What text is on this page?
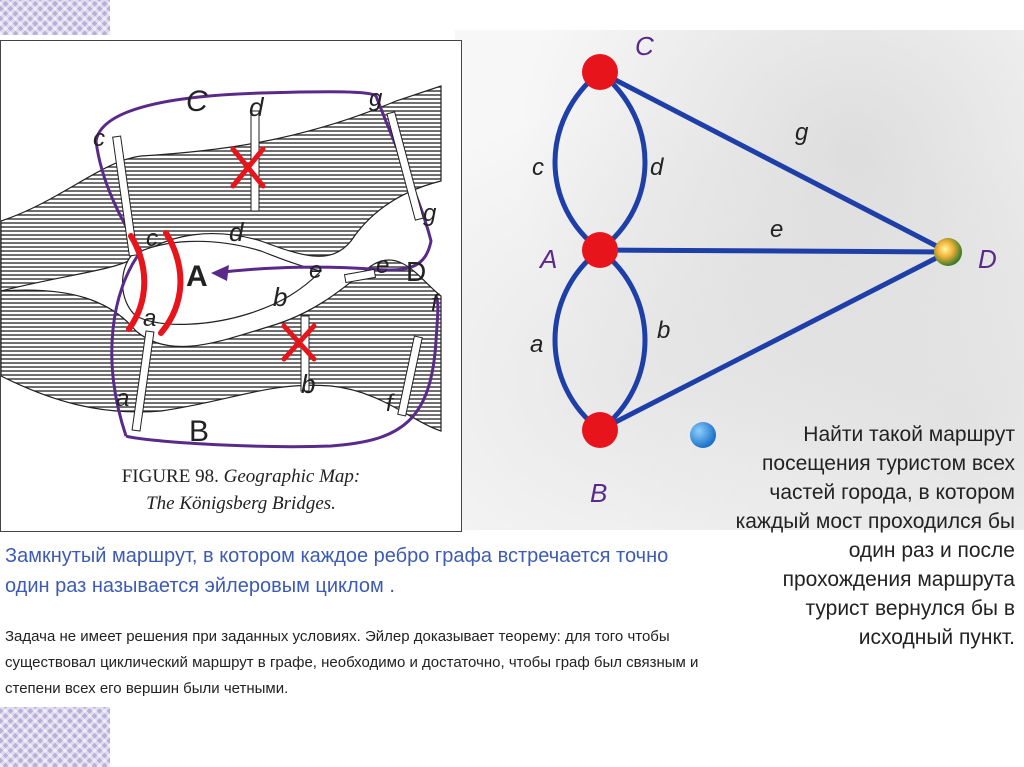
C
A
B
D
c
c
d
d
g
g
e e
a
a
b
b
f
f
FIGURE 98. Geographic Map:
The Königsberg Bridges.
C
A
B
D
c	d
a
b
e
g
Найти такой маршрут посещения туристом всех частей города, в котором каждый мост проходился бы один раз и после прохождения маршрута турист вернулся бы в исходный пункт.
Замкнутый маршрут, в котором каждое ребро графа встречается точно один раз называется эйлеровым циклом .
Задача не имеет решения при заданных условиях. Эйлер доказывает теорему: для того чтобы существовал циклический маршрут в графе, необходимо и достаточно, чтобы граф был связным и степени всех его вершин были четными.
